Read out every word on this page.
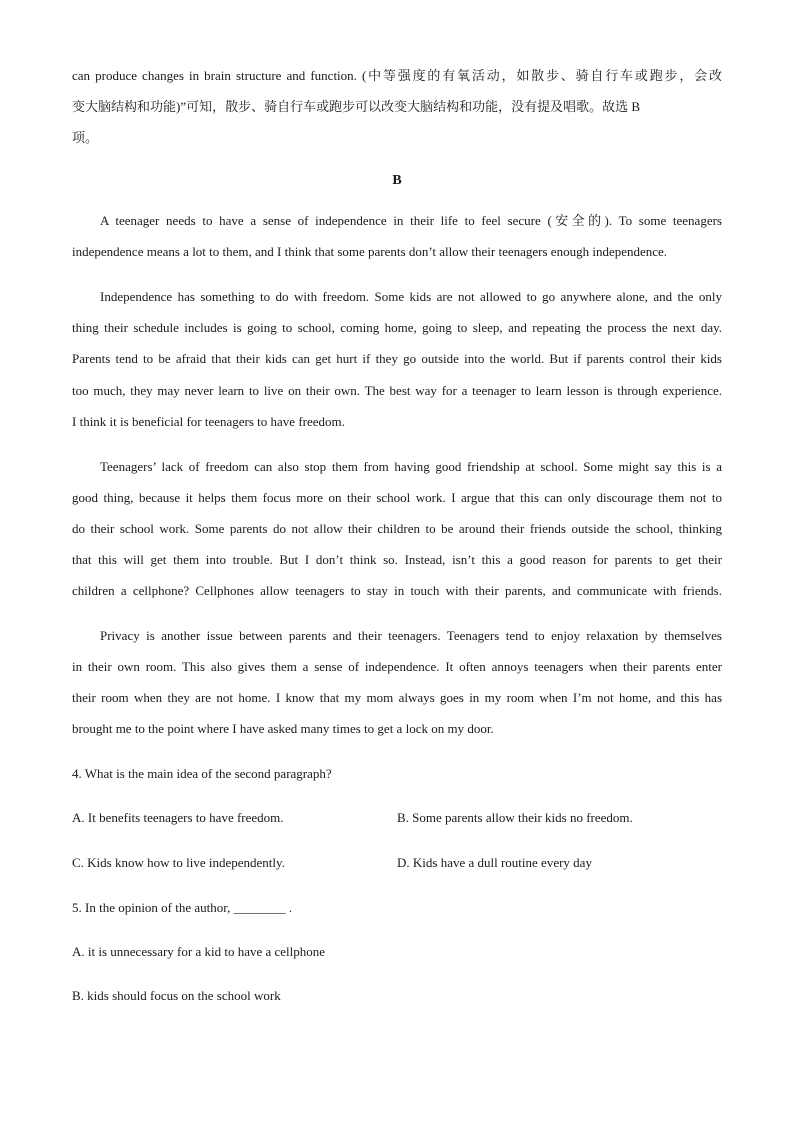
can produce changes in brain structure and function. (中等强度的有氧活动，如散步、骑自行车或跑步，会改
变大脑结构和功能)”可知，散步、骑自行车或跑步可以改变大脑结构和功能，没有提及唱歌。故选 B
项。
B
A teenager needs to have a sense of independence in their life to feel secure (安全的). To some teenagers
independence means a lot to them, and I think that some parents don’t allow their teenagers enough independence.
Independence has something to do with freedom. Some kids are not allowed to go anywhere alone, and the only
thing their schedule includes is going to school, coming home, going to sleep, and repeating the process the next day.
Parents tend to be afraid that their kids can get hurt if they go outside into the world. But if parents control their kids
too much, they may never learn to live on their own. The best way for a teenager to learn lesson is through experience.
I think it is beneficial for teenagers to have freedom.
Teenagers’ lack of freedom can also stop them from having good friendship at school. Some might say this is a
good thing, because it helps them focus more on their school work. I argue that this can only discourage them not to
do their school work. Some parents do not allow their children to be around their friends outside the school, thinking
that this will get them into trouble. But I don’t think so. Instead, isn’t this a good reason for parents to get their
children a cellphone? Cellphones allow teenagers to stay in touch with their parents, and communicate with friends.
Privacy is another issue between parents and their teenagers. Teenagers tend to enjoy relaxation by themselves
in their own room. This also gives them a sense of independence. It often annoys teenagers when their parents enter
their room when they are not home. I know that my mom always goes in my room when I’m not home, and this has
brought me to the point where I have asked many times to get a lock on my door.
4. What is the main idea of the second paragraph?
A. It benefits teenagers to have freedom.	B. Some parents allow their kids no freedom.
C. Kids know how to live independently.	D. Kids have a dull routine every day
5. In the opinion of the author, ________ .
A. it is unnecessary for a kid to have a cellphone
B. kids should focus on the school work
